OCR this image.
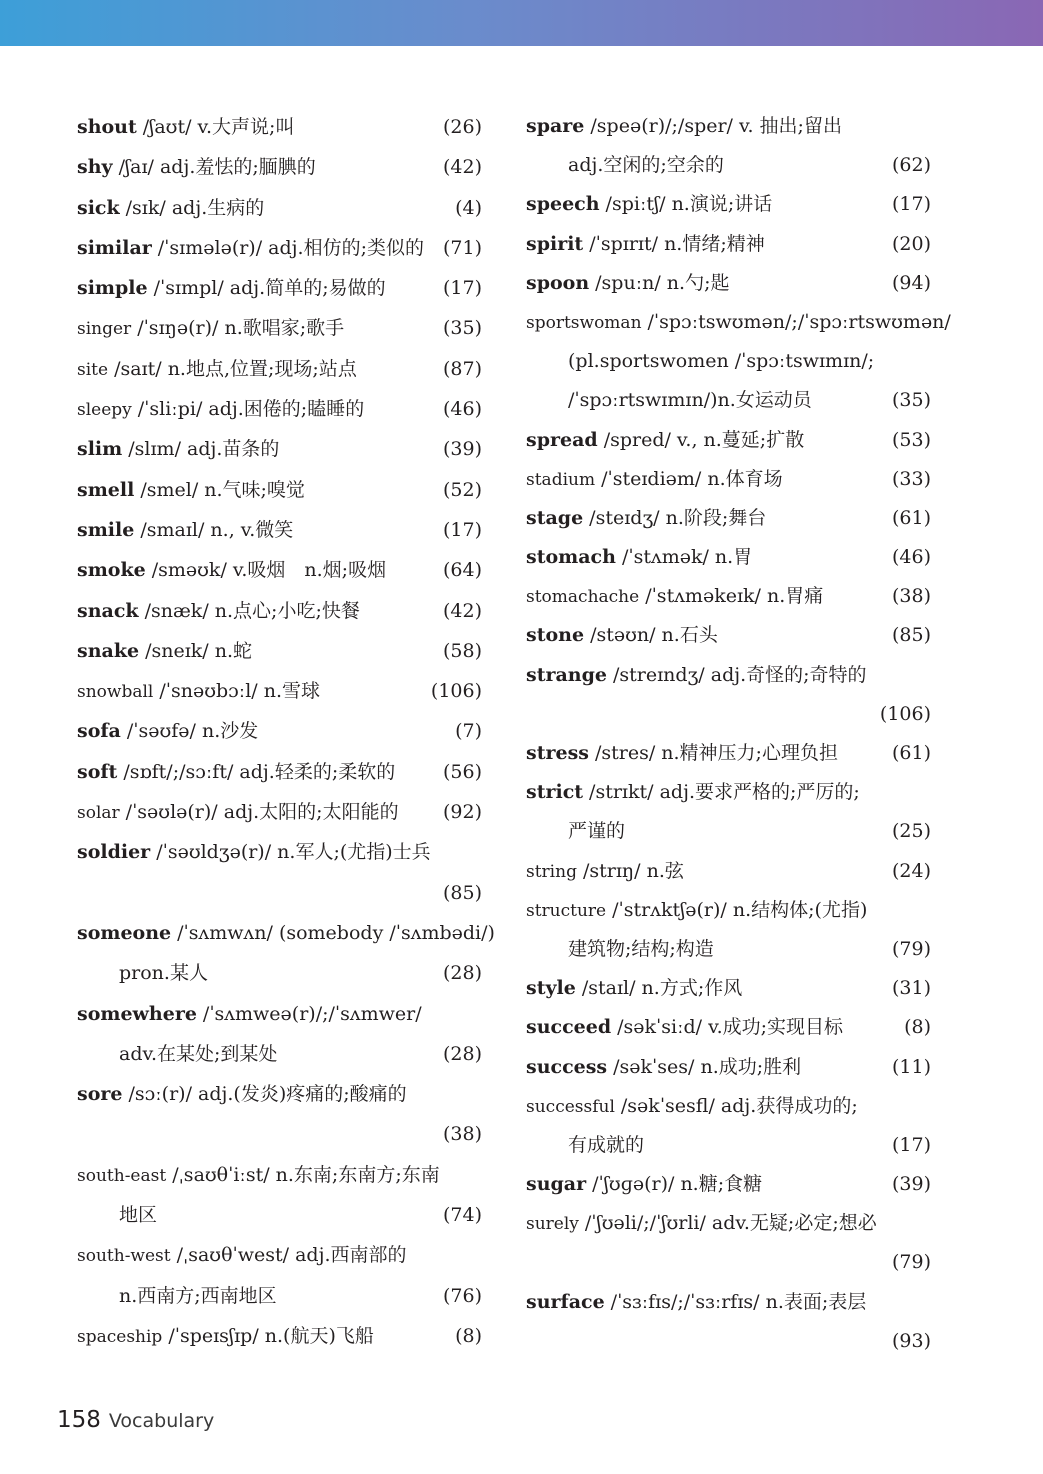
shout /ʃaʊt/ v.大声说;叫	(26)
shy /ʃaɪ/ adj.羞怯的;腼腆的	(42)
sick /sɪk/ adj.生病的	(4)
similar /ˈsɪmələ(r)/ adj.相仿的;类似的 (71)
simple /ˈsɪmpl/ adj.简单的;易做的	(17)
singer /ˈsɪŋə(r)/ n.歌唱家;歌手	(35)
site /saɪt/ n.地点,位置;现场;站点	(87)
sleepy /ˈsliːpi/ adj.困倦的;瞌睡的	(46)
slim /slɪm/ adj.苗条的	(39)
smell /smel/ n.气味;嗅觉	(52)
smile /smaɪl/ n., v.微笑	(17)
smoke /sməʊk/ v.吸烟　n.烟;吸烟	(64)
snack /snæk/ n.点心;小吃;快餐	(42)
snake /sneɪk/ n.蛇	(58)
snowball /ˈsnəʊbɔːl/ n.雪球	(106)
sofa /ˈsəʊfə/ n.沙发	(7)
soft /sɒft/;/sɔːft/ adj.轻柔的;柔软的	(56)
solar /ˈsəʊlə(r)/ adj.太阳的;太阳能的 (92)
soldier /ˈsəʊldʒə(r)/ n.军人;(尤指)士兵
(85)
someone /ˈsʌmwʌn/ (somebody /ˈsʌmbədi/)
pron.某人	(28)
somewhere /ˈsʌmweə(r)/;/ˈsʌmwer/
adv.在某处;到某处	(28)
sore /sɔː(r)/ adj.(发炎)疼痛的;酸痛的
(38)
south-east /ˌsaʊθˈiːst/ n.东南;东南方;东南
地区	(74)
south-west /ˌsaʊθˈwest/ adj.西南部的
n.西南方;西南地区	(76)
spaceship /ˈspeɪsʃɪp/ n.(航天)飞船	(8)
spare /speə(r)/;/sper/ v. 抽出;留出
adj.空闲的;空余的	(62)
speech /spiːtʃ/ n.演说;讲话	(17)
spirit /ˈspɪrɪt/ n.情绪;精神	(20)
spoon /spuːn/ n.勺;匙	(94)
sportswoman /ˈspɔːtswʊmən/;/ˈspɔːrtswʊmən/
(pl.sportswomen /ˈspɔːtswɪmɪn/;
/ˈspɔːrtswɪmɪn/)n.女运动员	(35)
spread /spred/ v., n.蔓延;扩散	(53)
stadium /ˈsteɪdiəm/ n.体育场	(33)
stage /steɪdʒ/ n.阶段;舞台	(61)
stomach /ˈstʌmək/ n.胃	(46)
stomachache /ˈstʌməkeɪk/ n.胃痛	(38)
stone /stəʊn/ n.石头	(85)
strange /streɪndʒ/ adj.奇怪的;奇特的
(106)
stress /stres/ n.精神压力;心理负担	(61)
strict /strɪkt/ adj.要求严格的;严厉的;
严谨的	(25)
string /strɪŋ/ n.弦	(24)
structure /ˈstrʌktʃə(r)/ n.结构体;(尤指)
建筑物;结构;构造	(79)
style /staɪl/ n.方式;作风	(31)
succeed /səkˈsiːd/ v.成功;实现目标	(8)
success /səkˈses/ n.成功;胜利	(11)
successful /səkˈsesfl/ adj.获得成功的;
有成就的	(17)
sugar /ˈʃʊɡə(r)/ n.糖;食糖	(39)
surely /ˈʃʊəli/;/ˈʃʊrli/ adv.无疑;必定;想必
(79)
surface /ˈsɜːfɪs/;/ˈsɜːrfɪs/ n.表面;表层
(93)
158 Vocabulary
